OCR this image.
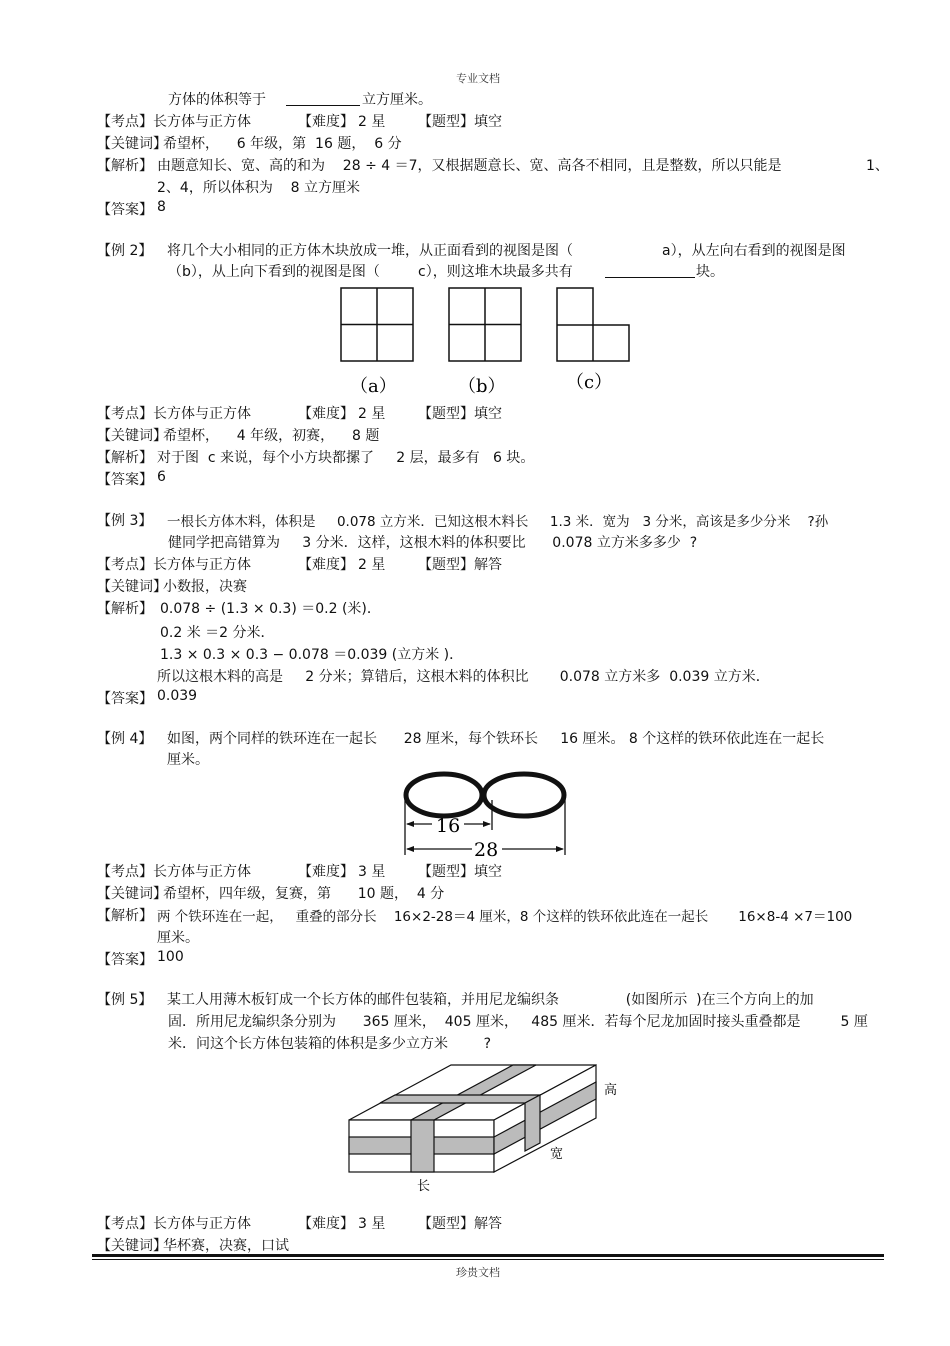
专业文档
方体的体积等于	立方厘米。
【考点】 长方体与正方体	【难度】 2 星 【题型】 填空
【关键词】
希望杯，    6 年级，第  16 题，  6 分
【解析】 由题意知长、宽、高的和为    28 ÷ 4 ＝7，又根据题意长、宽、高各不相同，且是整数，所以只能是	1、
2、4，所以体积为    8 立方厘米
【答案】 8
【例 2】 将几个大小相同的正方体木块放成一堆，从正面看到的视图是图（	a），从左向右看到的视图是图
（b），从上向下看到的视图是图（	c），则这堆木块最多共有	块。
（a）	（b）	（c）
【考点】 长方体与正方体	【难度】 2 星 【题型】 填空
【关键词】
希望杯，    4 年级，初赛，    8 题
【解析】 对于图  c 来说，每个小方块都摞了     2 层，最多有   6 块。
【答案】 6
【例 3】 一根长方体木料，体积是     0.078 立方米．已知这根木料长     1.3 米．宽为   3 分米，高该是多少分米    ?孙
健同学把高错算为     3 分米．这样，这根木料的体积要比      0.078 立方米多多少  ?
【考点】 长方体与正方体	【难度】 2 星 【题型】 解答
【关键词】
小数报，决赛
【解析】 0.078 ÷ (1.3 × 0.3) ＝0.2 (米)．
0.2 米 ＝2 分米．
1.3 × 0.3 × 0.3 − 0.078 ＝0.039 (立方米 )．
所以这根木料的高是     2 分米；算错后，这根木料的体积比       0.078 立方米多  0.039 立方米．
【答案】 0.039
【例 4】 如图，两个同样的铁环连在一起长      28 厘米，每个铁环长     16 厘米。 8 个这样的铁环依此连在一起长
厘米。
16
28
【考点】 长方体与正方体	【难度】 3 星 【题型】 填空
【关键词】
希望杯，四年级，复赛，第      10 题，  4 分
【解析】 两 个铁环连在一起，   重叠的部分长    16×2-28＝4 厘米，8 个这样的铁环依此连在一起长       16×8-4 ×7＝100
厘米。
【答案】 100
【例 5】 某工人用薄木板钉成一个长方体的邮件包装箱，并用尼龙编织条               (如图所示  )在三个方向上的加
固．所用尼龙编织条分别为      365 厘米，  405 厘米，   485 厘米．若每个尼龙加固时接头重叠都是         5 厘
米．问这个长方体包装箱的体积是多少立方米        ?
高
宽
长
【考点】 长方体与正方体	【难度】 3 星 【题型】 解答
【关键词】
华杯赛，决赛，口试
珍贵文档
